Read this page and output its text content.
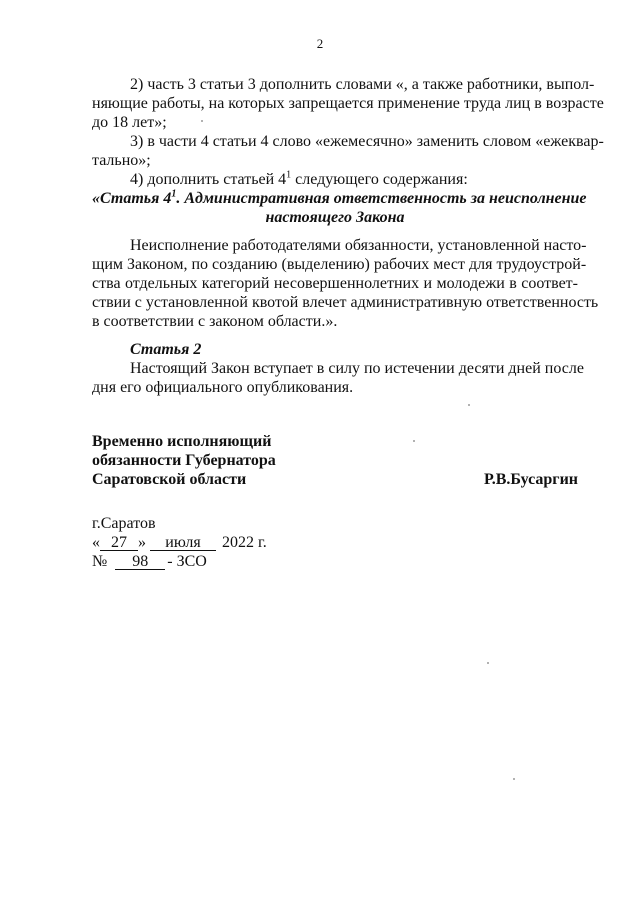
2
2) часть 3 статьи 3 дополнить словами «, а также работники, выпол-
няющие работы, на которых запрещается применение труда лиц в возрасте
до 18 лет»;
3) в части 4 статьи 4 слово «ежемесячно» заменить словом «ежеквар-
тально»;
4) дополнить статьей $4^1$ следующего содержания:
«Статья $4^1$. Административная ответственность за неисполнение
настоящего Закона
Неисполнение работодателями обязанности, установленной насто-
щим Законом, по созданию (выделению) рабочих мест для трудоустрой-
ства отдельных категорий несовершеннолетних и молодежи в соответ-
ствии с установленной квотой влечет административную ответственность
в соответствии с законом области.».
Статья 2
Настоящий Закон вступает в силу по истечении десяти дней после
дня его официального опубликования.
Временно исполняющий
обязанности Губернатора
Саратовской области	Р.В.Бусаргин
г.Саратов
« 27 » июля 2022 г.
№ 98 - ЗСО
